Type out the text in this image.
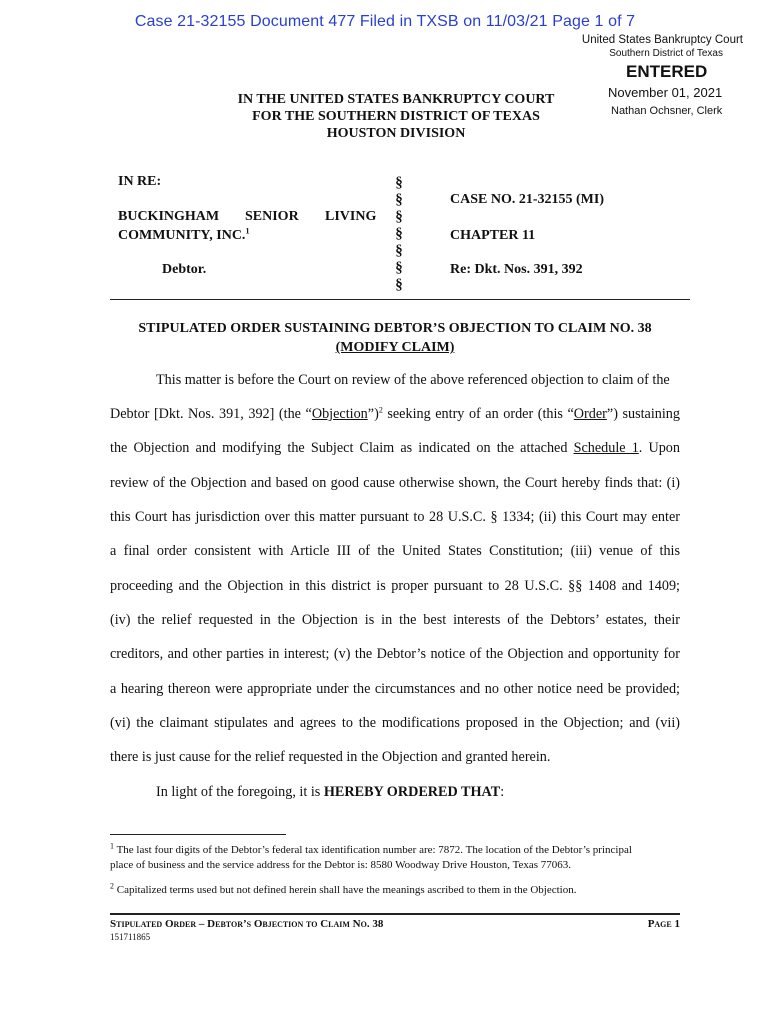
Case 21-32155 Document 477 Filed in TXSB on 11/03/21 Page 1 of 7
United States Bankruptcy Court
Southern District of Texas
ENTERED
November 01, 2021
Nathan Ochsner, Clerk
IN THE UNITED STATES BANKRUPTCY COURT
FOR THE SOUTHERN DISTRICT OF TEXAS
HOUSTON DIVISION
IN RE:
BUCKINGHAM SENIOR LIVING
COMMUNITY, INC.$^1$
Debtor.
§
§
§
§
§
§
§
CASE NO. 21-32155 (MI)
CHAPTER 11
Re: Dkt. Nos. 391, 392
STIPULATED ORDER SUSTAINING DEBTOR’S OBJECTION TO CLAIM NO. 38
(MODIFY CLAIM)
This matter is before the Court on review of the above referenced objection to claim of the
Debtor [Dkt. Nos. 391, 392] (the “Objection”)$^2$ seeking entry of an order (this “Order”) sustaining
the Objection and modifying the Subject Claim as indicated on the attached Schedule 1. Upon
review of the Objection and based on good cause otherwise shown, the Court hereby finds that: (i)
this Court has jurisdiction over this matter pursuant to 28 U.S.C. § 1334; (ii) this Court may enter
a final order consistent with Article III of the United States Constitution; (iii) venue of this
proceeding and the Objection in this district is proper pursuant to 28 U.S.C. §§ 1408 and 1409;
(iv) the relief requested in the Objection is in the best interests of the Debtors’ estates, their
creditors, and other parties in interest; (v) the Debtor’s notice of the Objection and opportunity for
a hearing thereon were appropriate under the circumstances and no other notice need be provided;
(vi) the claimant stipulates and agrees to the modifications proposed in the Objection; and (vii)
there is just cause for the relief requested in the Objection and granted herein.
In light of the foregoing, it is HEREBY ORDERED THAT:
$^1$ The last four digits of the Debtor’s federal tax identification number are: 7872. The location of the Debtor’s principal
place of business and the service address for the Debtor is: 8580 Woodway Drive Houston, Texas 77063.
$^2$ Capitalized terms used but not defined herein shall have the meanings ascribed to them in the Objection.
Stipulated Order – Debtor’s Objection to Claim No. 38	Page 1
151711865
